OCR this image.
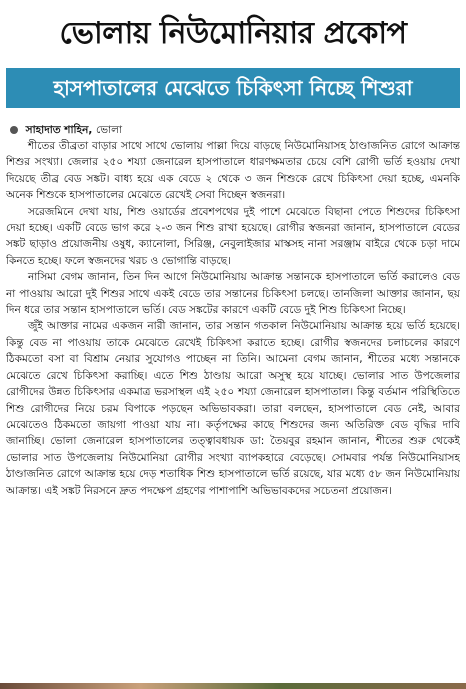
ভোলায় নিউমোনিয়ার প্রকোপ
হাসপাতালের মেঝেতে চিকিৎসা নিচ্ছে শিশুরা
সাহাদাত শাহিন, ভোলা

শীতের তীব্রতা বাড়ার সাথে সাথে ভোলায় পাল্লা দিয়ে বাড়ছে নিউমোনিয়াসহ ঠাণ্ডাজনিত রোগে আক্রান্ত শিশুর সংখ্যা। জেলার ২৫০ শয্যা জেনারেল হাসপাতালে ধারণক্ষমতার চেয়ে বেশি রোগী ভর্তি হওয়ায় দেখা দিয়েছে তীব্র বেড সঙ্কট। বাধ্য হয়ে এক বেডে ২ থেকে ৩ জন শিশুকে রেখে চিকিৎসা দেয়া হচ্ছে, এমনকি অনেক শিশুকে হাসপাতালের মেঝেতে রেখেই সেবা দিচ্ছেন স্বজনরা।

সরেজমিনে দেখা যায়, শিশু ওয়ার্ডের প্রবেশপথের দুই পাশে মেঝেতে বিছানা পেতে শিশুদের চিকিৎসা দেয়া হচ্ছে। একটি বেডে ভাগ করে ২-৩ জন শিশু রাখা হয়েছে। রোগীর স্বজনরা জানান, হাসপাতালে বেডের সঙ্কট ছাড়াও প্রয়োজনীয় ওষুধ, ক্যানোলা, সিরিঞ্জ, নেবুলাইজার মাস্কসহ নানা সরঞ্জাম বাইরে থেকে চড়া দামে কিনতে হচ্ছে। ফলে স্বজনদের খরচ ও ভোগান্তি বাড়ছে।

নাসিমা বেগম জানান, তিন দিন আগে নিউমোনিয়ায় আক্রান্ত সন্তানকে হাসপাতালে ভর্তি করালেও বেড না পাওয়ায় আরো দুই শিশুর সাথে একই বেডে তার সন্তানের চিকিৎসা চলছে। তানজিলা আক্তার জানান, ছয় দিন ধরে তার সন্তান হাসপাতালে ভর্তি। বেড সঙ্কটের কারণে একটি বেডে দুই শিশু চিকিৎসা নিচ্ছে।

জুঁই আক্তার নামের একজন নারী জানান, তার সন্তান গতকাল নিউমোনিয়ায় আক্রান্ত হয়ে ভর্তি হয়েছে। কিন্তু বেড না পাওয়ায় তাকে মেঝেতে রেখেই চিকিৎসা করাতে হচ্ছে। রোগীর স্বজনদের চলাচলের কারণে ঠিকমতো বসা বা বিশ্রাম নেয়ার সুযোগও পাচ্ছেন না তিনি। আমেনা বেগম জানান, শীতের মধ্যে সন্তানকে মেঝেতে রেখে চিকিৎসা করাচ্ছি। এতে শিশু ঠাণ্ডায় আরো অসুস্থ হয়ে যাচ্ছে। ভোলার সাত উপজেলার রোগীদের উন্নত চিকিৎসার একমাত্র ভরসাস্থল এই ২৫০ শয্যা জেনারেল হাসপাতাল। কিন্তু বর্তমান পরিস্থিতিতে শিশু রোগীদের নিয়ে চরম বিপাকে পড়ছেন অভিভাবকরা। তারা বলছেন, হাসপাতালে বেড নেই, আবার মেঝেতেও ঠিকমতো জায়গা পাওয়া যায় না। কর্তৃপক্ষের কাছে শিশুদের জন্য অতিরিক্ত বেড বৃদ্ধির দাবি জানাচ্ছি। ভোলা জেনারেল হাসপাতালের তত্ত্বাবধায়ক ডা: তৈয়বুর রহমান জানান, শীতের শুরু থেকেই ভোলার সাত উপজেলায় নিউমোনিয়া রোগীর সংখ্যা ব্যাপকহারে বেড়েছে। সোমবার পর্যন্ত নিউমোনিয়াসহ ঠাণ্ডাজনিত রোগে আক্রান্ত হয়ে দেড় শতাধিক শিশু হাসপাতালে ভর্তি রয়েছে, যার মধ্যে ৫৮ জন নিউমোনিয়ায় আক্রান্ত। এই সঙ্কট নিরসনে দ্রুত পদক্ষেপ গ্রহণের পাশাপাশি অভিভাবকদের সচেতনা প্রয়োজন।
